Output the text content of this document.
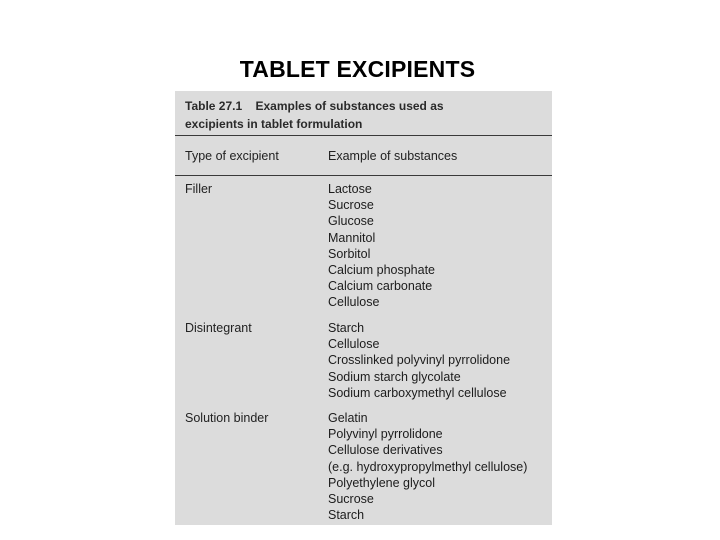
TABLET EXCIPIENTS
Table 27.1    Examples of substances used as
excipients in tablet formulation
Type of excipient	Example of substances
Filler	Lactose
Sucrose
Glucose
Mannitol
Sorbitol
Calcium phosphate
Calcium carbonate
Cellulose
Disintegrant	Starch
Cellulose
Crosslinked polyvinyl pyrrolidone
Sodium starch glycolate
Sodium carboxymethyl cellulose
Solution binder	Gelatin
Polyvinyl pyrrolidone
Cellulose derivatives
(e.g. hydroxypropylmethyl cellulose)
Polyethylene glycol
Sucrose
Starch
